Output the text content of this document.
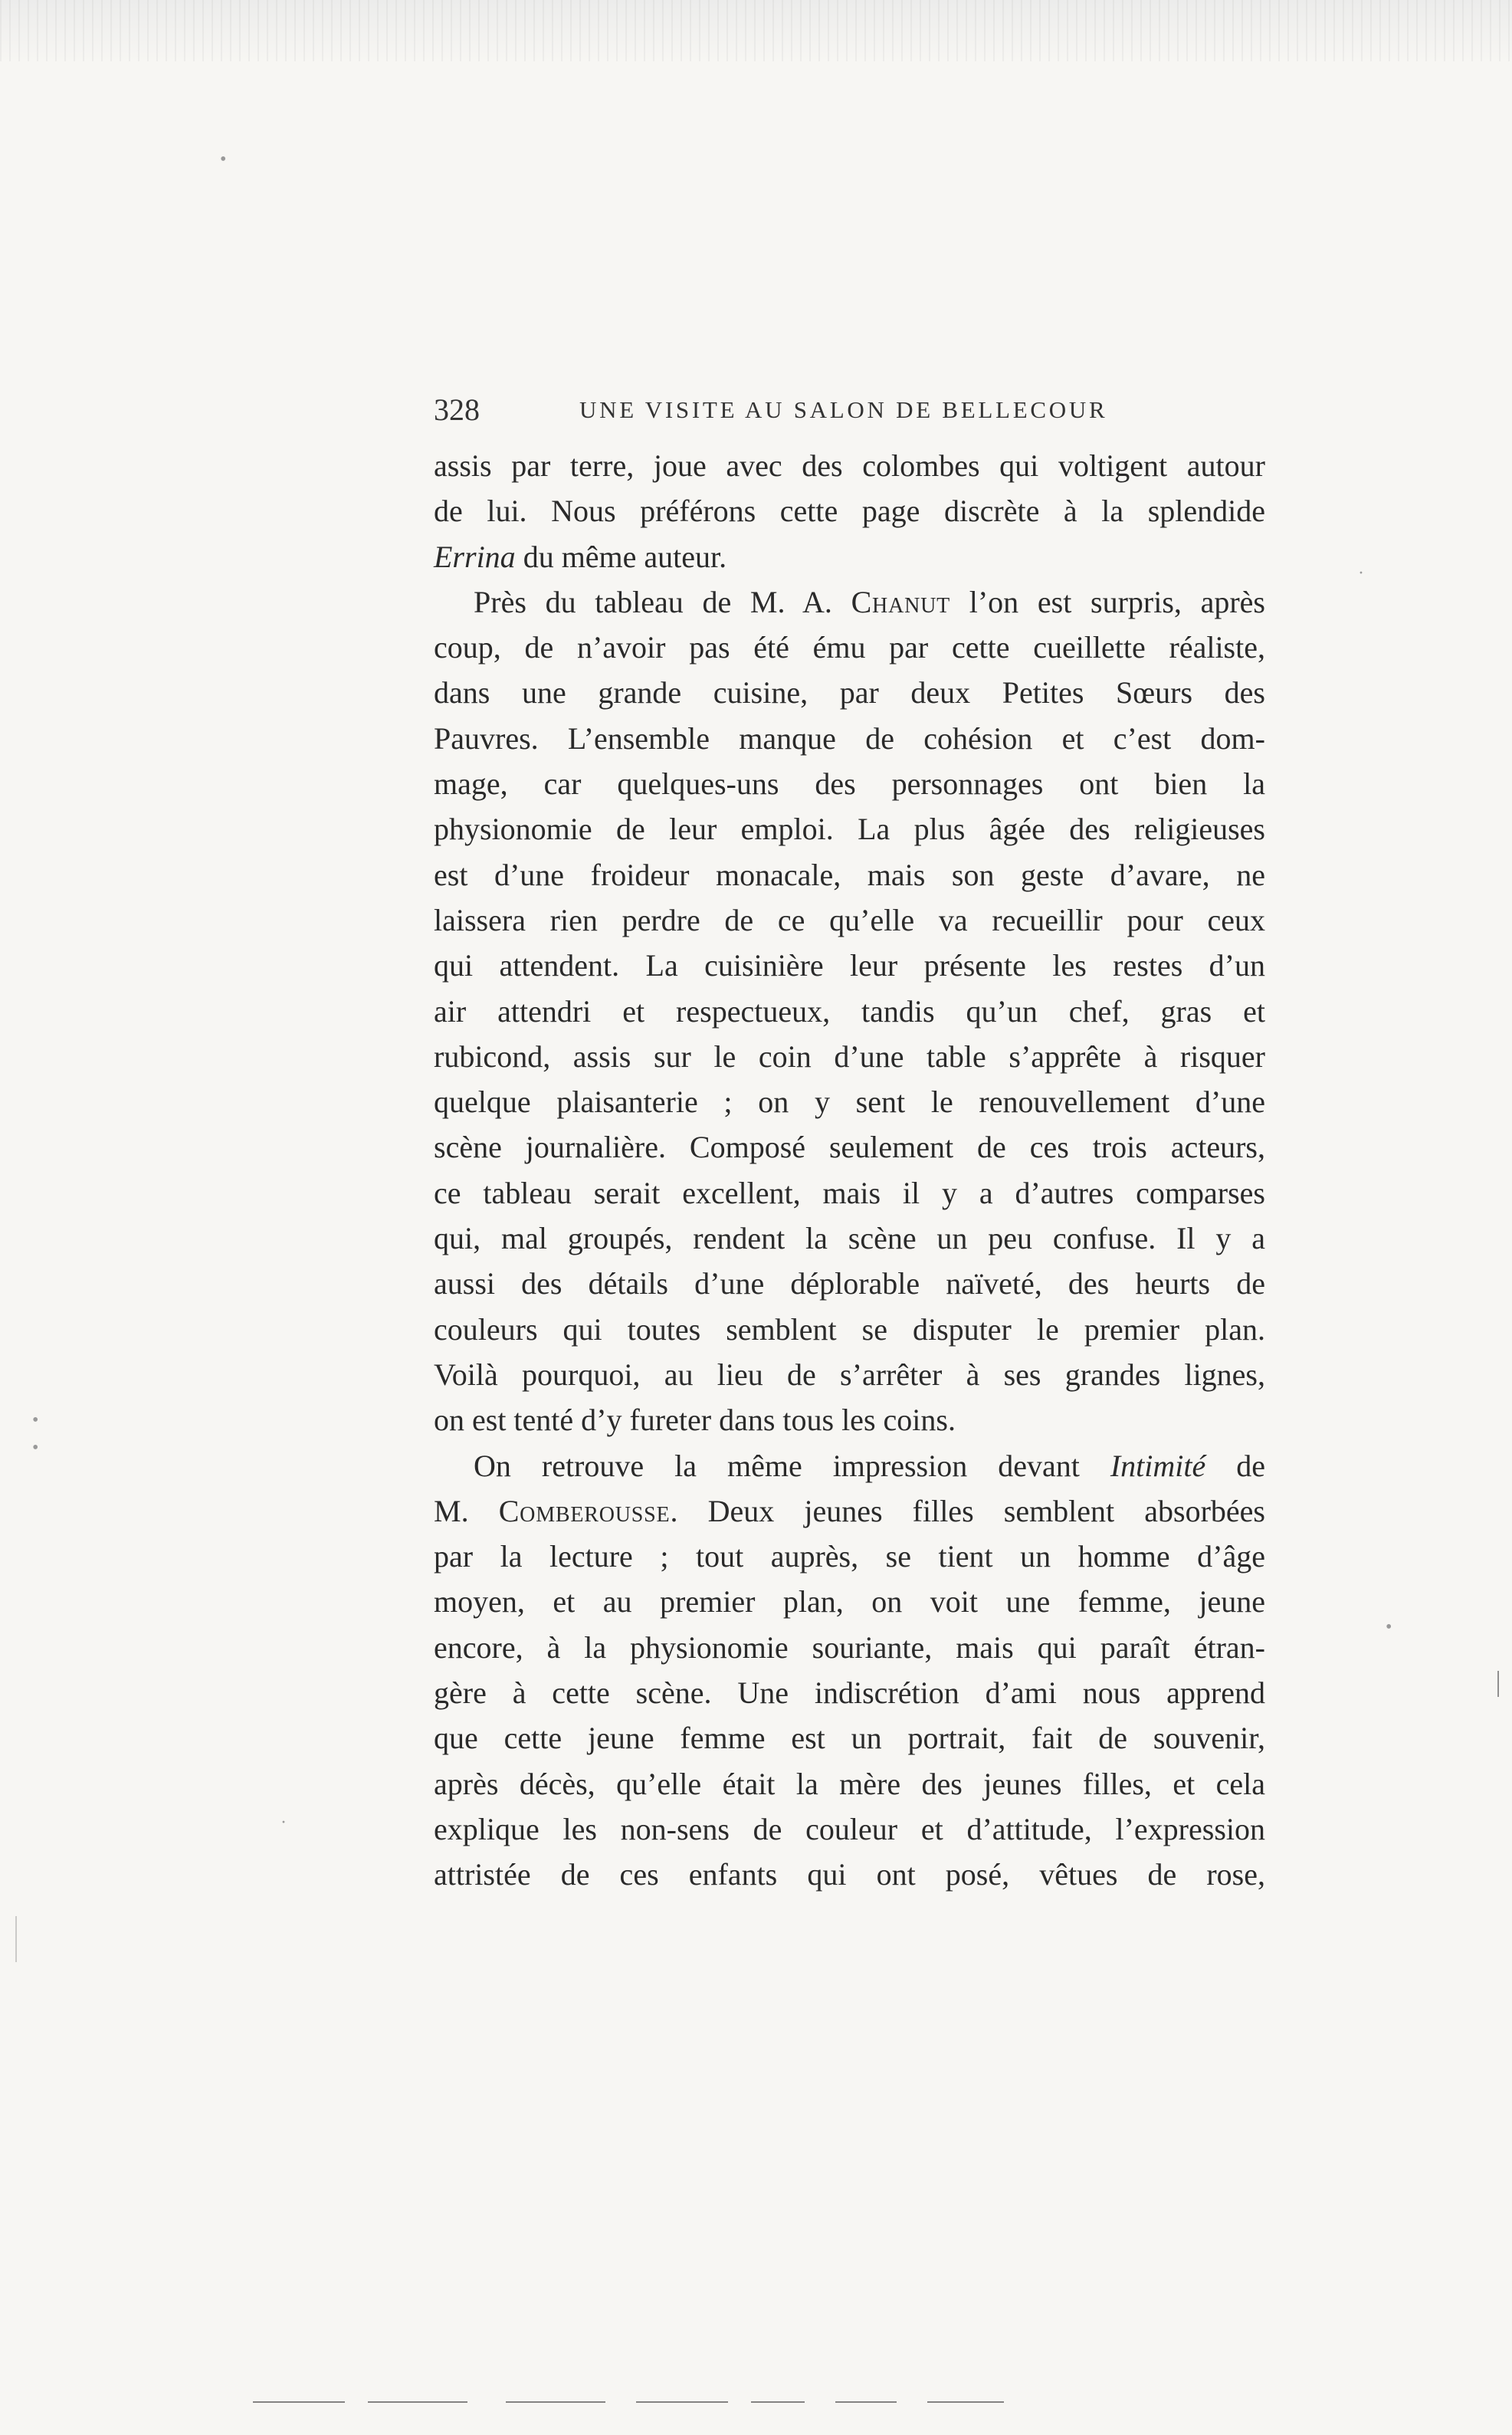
328	UNE VISITE AU SALON DE BELLECOUR
assis par terre, joue avec des colombes qui voltigent autour
de lui. Nous préférons cette page discrète à la splendide
Errina du même auteur.
Près du tableau de M. A. Chanut l’on est surpris, après
coup, de n’avoir pas été ému par cette cueillette réaliste,
dans une grande cuisine, par deux Petites Sœurs des
Pauvres. L’ensemble manque de cohésion et c’est dom-
mage, car quelques-uns des personnages ont bien la
physionomie de leur emploi. La plus âgée des religieuses
est d’une froideur monacale, mais son geste d’avare, ne
laissera rien perdre de ce qu’elle va recueillir pour ceux
qui attendent. La cuisinière leur présente les restes d’un
air attendri et respectueux, tandis qu’un chef, gras et
rubicond, assis sur le coin d’une table s’apprête à risquer
quelque plaisanterie ; on y sent le renouvellement d’une
scène journalière. Composé seulement de ces trois acteurs,
ce tableau serait excellent, mais il y a d’autres comparses
qui, mal groupés, rendent la scène un peu confuse. Il y a
aussi des détails d’une déplorable naïveté, des heurts de
couleurs qui toutes semblent se disputer le premier plan.
Voilà pourquoi, au lieu de s’arrêter à ses grandes lignes,
on est tenté d’y fureter dans tous les coins.
On retrouve la même impression devant Intimité de
M. Comberousse. Deux jeunes filles semblent absorbées
par la lecture ; tout auprès, se tient un homme d’âge
moyen, et au premier plan, on voit une femme, jeune
encore, à la physionomie souriante, mais qui paraît étran-
gère à cette scène. Une indiscrétion d’ami nous apprend
que cette jeune femme est un portrait, fait de souvenir,
après décès, qu’elle était la mère des jeunes filles, et cela
explique les non-sens de couleur et d’attitude, l’expression
attristée de ces enfants qui ont posé, vêtues de rose,
•
•
•
•
·
·
